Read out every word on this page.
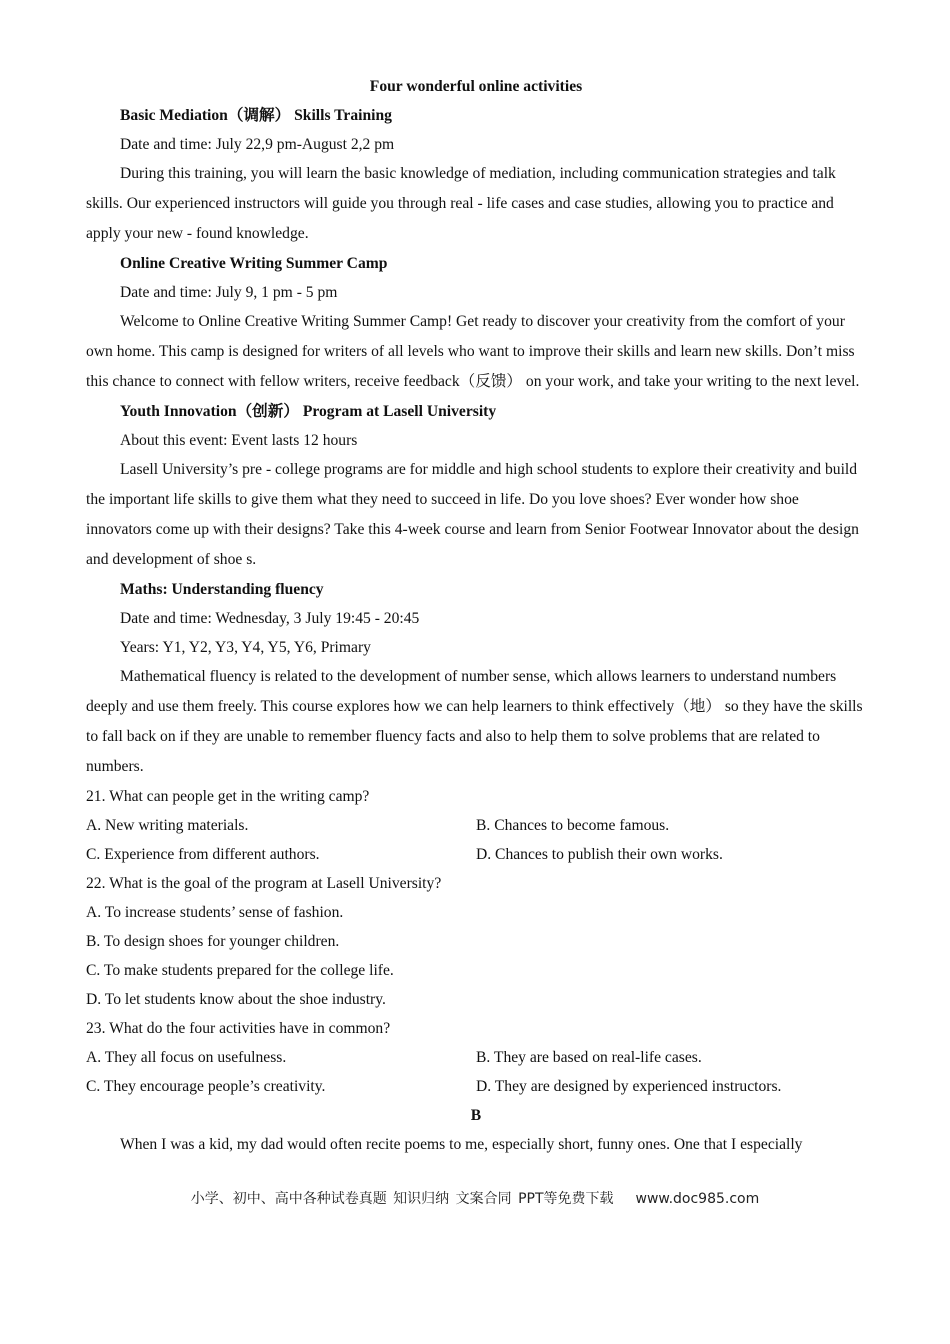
Four wonderful online activities

Basic Mediation（调解） Skills Training

Date and time: July 22,9 pm-August 2,2 pm

During this training, you will learn the basic knowledge of mediation, including communication strategies and talk skills. Our experienced instructors will guide you through real - life cases and case studies, allowing you to practice and apply your new - found knowledge.

Online Creative Writing Summer Camp

Date and time: July 9, 1 pm - 5 pm

Welcome to Online Creative Writing Summer Camp! Get ready to discover your creativity from the comfort of your own home. This camp is designed for writers of all levels who want to improve their skills and learn new skills. Don’t miss this chance to connect with fellow writers, receive feedback（反馈） on your work, and take your writing to the next level.

Youth Innovation（创新） Program at Lasell University

About this event: Event lasts 12 hours

Lasell University’s pre - college programs are for middle and high school students to explore their creativity and build the important life skills to give them what they need to succeed in life. Do you love shoes? Ever wonder how shoe innovators come up with their designs? Take this 4-week course and learn from Senior Footwear Innovator about the design and development of shoe s.

Maths: Understanding fluency

Date and time: Wednesday, 3 July 19:45 - 20:45

Years: Y1, Y2, Y3, Y4, Y5, Y6, Primary

Mathematical fluency is related to the development of number sense, which allows learners to understand numbers deeply and use them freely. This course explores how we can help learners to think effectively（地） so they have the skills to fall back on if they are unable to remember fluency facts and also to help them to solve problems that are related to numbers.

21. What can people get in the writing camp?

A. New writing materials.	B. Chances to become famous.
C. Experience from different authors.	D. Chances to publish their own works.

22. What is the goal of the program at Lasell University?

A. To increase students’ sense of fashion.

B. To design shoes for younger children.

C. To make students prepared for the college life.

D. To let students know about the shoe industry.

23. What do the four activities have in common?

A. They all focus on usefulness.	B. They are based on real-life cases.
C. They encourage people’s creativity.	D. They are designed by experienced instructors.

B

When I was a kid, my dad would often recite poems to me, especially short, funny ones. One that I especially

小学、初中、高中各种试卷真题 知识归纳 文案合同 PPT等免费下载 www.doc985.com
